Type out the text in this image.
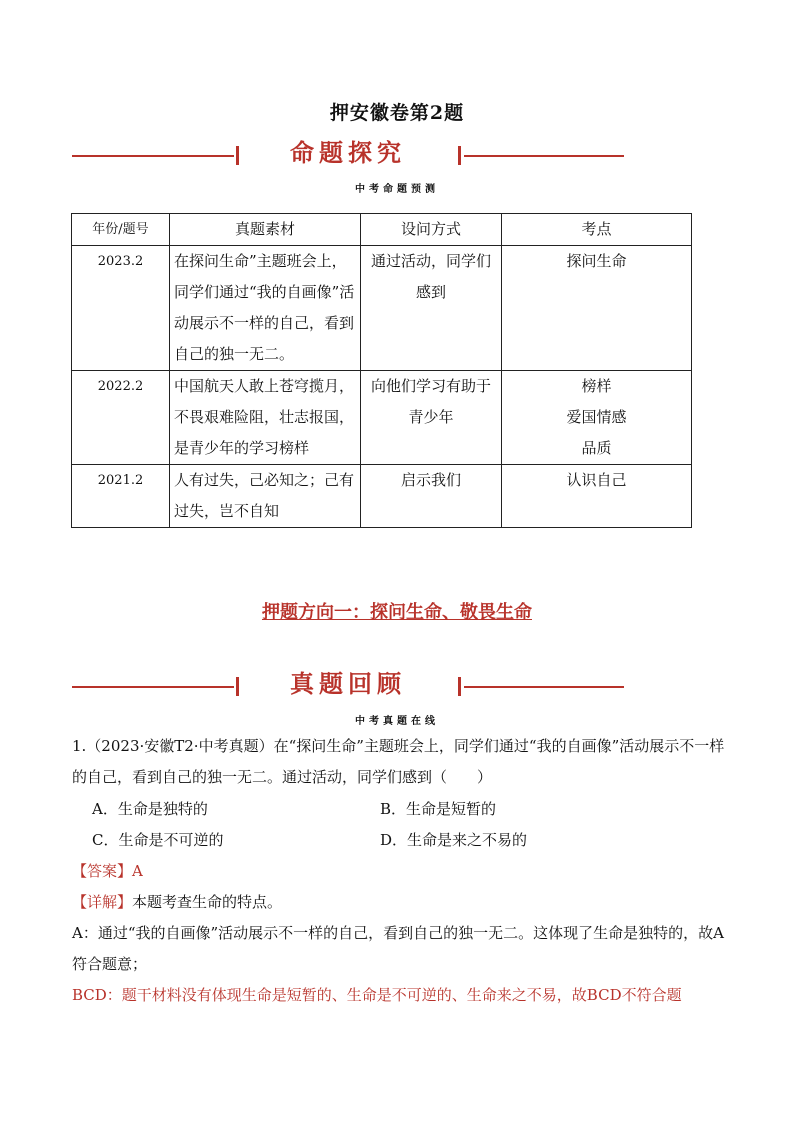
押安徽卷第2题
命题探究
中考命题预测
年份/题号	真题素材	设问方式	考点
2023.2	在探问生命”主题班会上，同学们通过“我的自画像”活动展示不一样的自己，看到自己的独一无二。	通过活动，同学们感到	探问生命

2022.2	中国航天人敢上苍穹揽月，不畏艰难险阻，壮志报国，是青少年的学习榜样	向他们学习有助于青少年	榜样
爱国情感
品质

2021.2	人有过失，己必知之；己有过失，岂不自知	启示我们	认识自己
押题方向一：探问生命、敬畏生命
真题回顾
中考真题在线
1.（2023·安徽T2·中考真题）在“探问生命”主题班会上，同学们通过“我的自画像”活动展示不一样的自己，看到自己的独一无二。通过活动，同学们感到（　　）
A．生命是独特的	B．生命是短暂的
C．生命是不可逆的	D．生命是来之不易的
【答案】A
【详解】本题考查生命的特点。
A：通过“我的自画像”活动展示不一样的自己，看到自己的独一无二。这体现了生命是独特的，故A符合题意；
BCD：题干材料没有体现生命是短暂的、生命是不可逆的、生命来之不易，故BCD不符合题
